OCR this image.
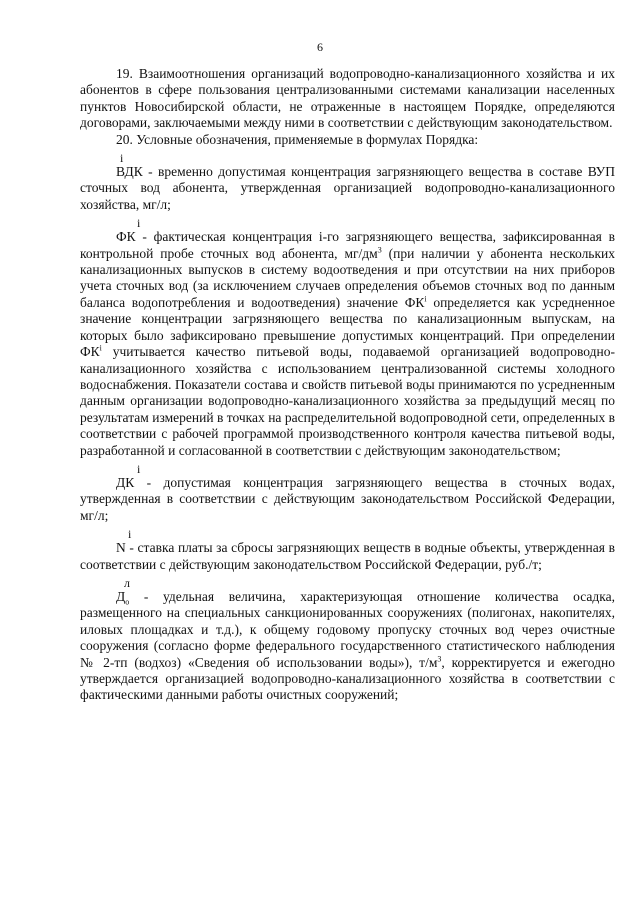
6

19. Взаимоотношения организаций водопроводно-канализационного хозяйства и их абонентов в сфере пользования централизованными системами канализации населенных пунктов Новосибирской области, не отраженные в настоящем Порядке, определяются договорами, заключаемыми между ними в соответствии с действующим законодательством.

20. Условные обозначения, применяемые в формулах Порядка:

i

ВДК - временно допустимая концентрация загрязняющего вещества в составе ВУП сточных вод абонента, утвержденная организацией водопроводно-канализационного хозяйства, мг/л;

i

ФК - фактическая концентрация i-го загрязняющего вещества, зафиксированная в контрольной пробе сточных вод абонента, $мг/дм^3$ (при наличии у абонента нескольких канализационных выпусков в систему водоотведения и при отсутствии на них приборов учета сточных вод (за исключением случаев определения объемов сточных вод по данным баланса водопотребления и водоотведения) значение $ФК^i$ определяется как усредненное значение концентрации загрязняющего вещества по канализационным выпускам, на которых было зафиксировано превышение допустимых концентраций. При определении $ФК^i$ учитывается качество питьевой воды, подаваемой организацией водопроводно-канализационного хозяйства с использованием централизованной системы холодного водоснабжения. Показатели состава и свойств питьевой воды принимаются по усредненным данным организации водопроводно-канализационного хозяйства за предыдущий месяц по результатам измерений в точках на распределительной водопроводной сети, определенных в соответствии с рабочей программой производственного контроля качества питьевой воды, разработанной и согласованной в соответствии с действующим законодательством;

i

ДК - допустимая концентрация загрязняющего вещества в сточных водах, утвержденная в соответствии с действующим законодательством Российской Федерации, мг/л;

i

N - ставка платы за сбросы загрязняющих веществ в водные объекты, утвержденная в соответствии с действующим законодательством Российской Федерации, руб./т;

л

$Д_о$ - удельная величина, характеризующая отношение количества осадка, размещенного на специальных санкционированных сооружениях (полигонах, накопителях, иловых площадках и т.д.), к общему годовому пропуску сточных вод через очистные сооружения (согласно форме федерального государственного статистического наблюдения № 2-тп (водхоз) «Сведения об использовании воды»), $т/м^3$, корректируется и ежегодно утверждается организацией водопроводно-канализационного хозяйства в соответствии с фактическими данными работы очистных сооружений;
